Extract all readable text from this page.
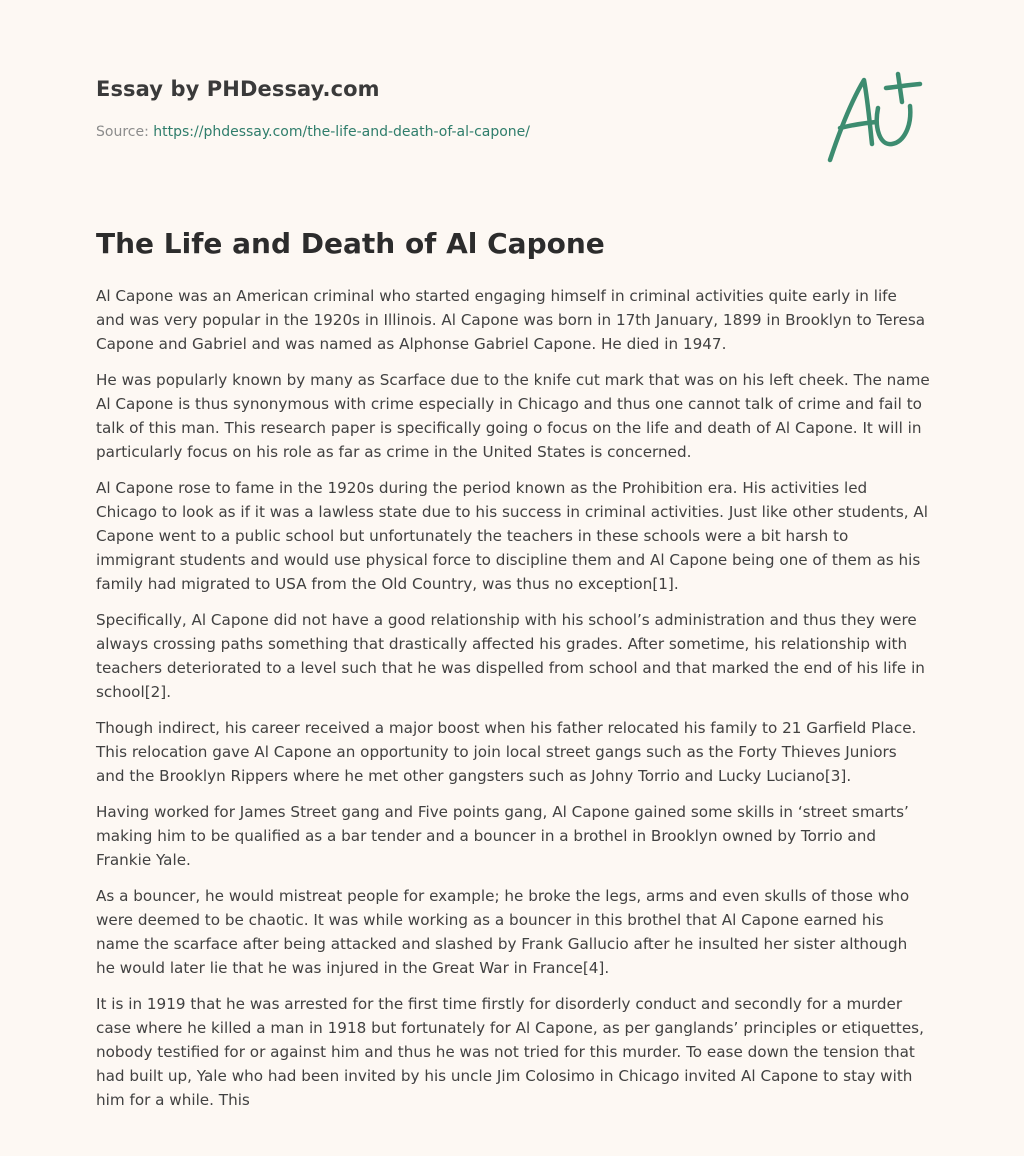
Essay by PHDessay.com
Source: https://phdessay.com/the-life-and-death-of-al-capone/
The Life and Death of Al Capone

Al Capone was an American criminal who started engaging himself in criminal activities quite early in life and was very popular in the 1920s in Illinois. Al Capone was born in 17th January, 1899 in Brooklyn to Teresa Capone and Gabriel and was named as Alphonse Gabriel Capone. He died in 1947.

He was popularly known by many as Scarface due to the knife cut mark that was on his left cheek. The name Al Capone is thus synonymous with crime especially in Chicago and thus one cannot talk of crime and fail to talk of this man. This research paper is specifically going o focus on the life and death of Al Capone. It will in particularly focus on his role as far as crime in the United States is concerned.

Al Capone rose to fame in the 1920s during the period known as the Prohibition era. His activities led Chicago to look as if it was a lawless state due to his success in criminal activities. Just like other students, Al Capone went to a public school but unfortunately the teachers in these schools were a bit harsh to immigrant students and would use physical force to discipline them and Al Capone being one of them as his family had migrated to USA from the Old Country, was thus no exception[1].

Specifically, Al Capone did not have a good relationship with his school’s administration and thus they were always crossing paths something that drastically affected his grades. After sometime, his relationship with teachers deteriorated to a level such that he was dispelled from school and that marked the end of his life in school[2].

Though indirect, his career received a major boost when his father relocated his family to 21 Garfield Place. This relocation gave Al Capone an opportunity to join local street gangs such as the Forty Thieves Juniors and the Brooklyn Rippers where he met other gangsters such as Johny Torrio and Lucky Luciano[3].

Having worked for James Street gang and Five points gang, Al Capone gained some skills in ‘street smarts’ making him to be qualified as a bar tender and a bouncer in a brothel in Brooklyn owned by Torrio and Frankie Yale.

As a bouncer, he would mistreat people for example; he broke the legs, arms and even skulls of those who were deemed to be chaotic. It was while working as a bouncer in this brothel that Al Capone earned his name the scarface after being attacked and slashed by Frank Gallucio after he insulted her sister although he would later lie that he was injured in the Great War in France[4].

It is in 1919 that he was arrested for the first time firstly for disorderly conduct and secondly for a murder case where he killed a man in 1918 but fortunately for Al Capone, as per ganglands’ principles or etiquettes, nobody testified for or against him and thus he was not tried for this murder. To ease down the tension that had built up, Yale who had been invited by his uncle Jim Colosimo in Chicago invited Al Capone to stay with him for a while. This
